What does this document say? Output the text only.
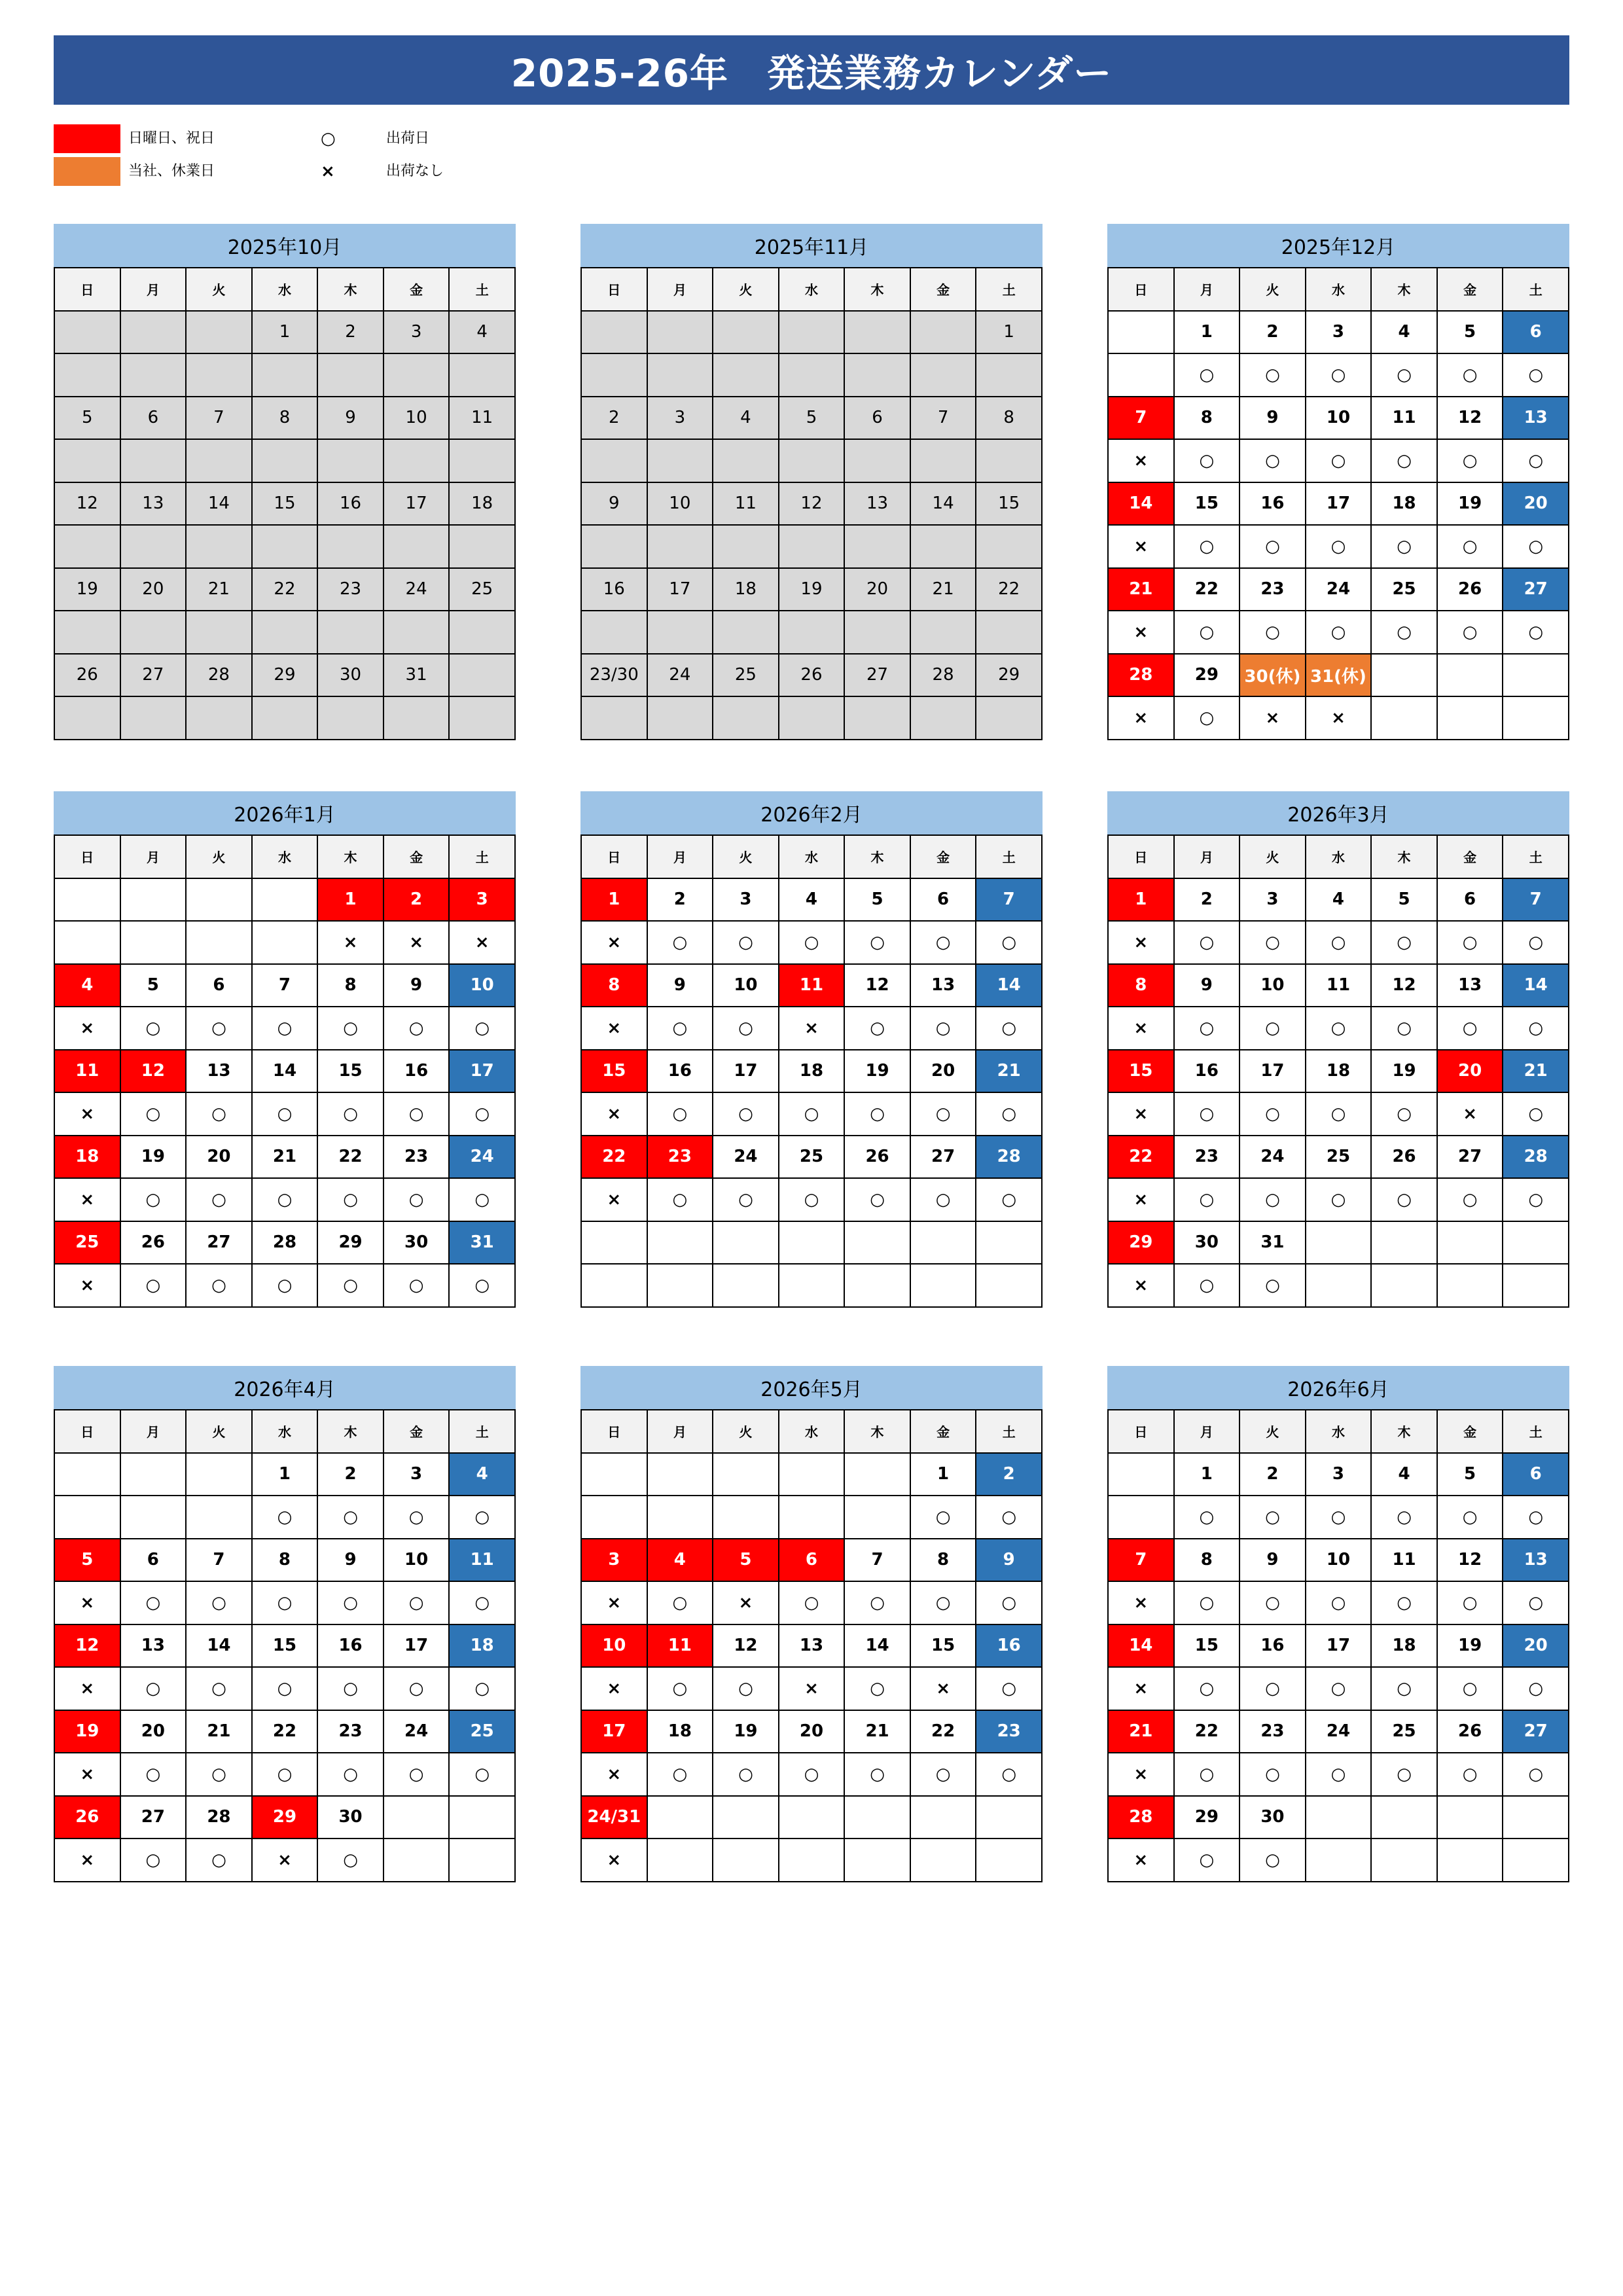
2025-26年　発送業務カレンダー
日曜日、祝日
当社、休業日
○	出荷日
×	出荷なし
2025年10月
日	月	火	水	木	金	土
			1	2	3	4

5	6	7	8	9	10	11

12	13	14	15	16	17	18

19	20	21	22	23	24	25

26	27	28	29	30	31	

2025年11月
日	月	火	水	木	金	土
						1

2	3	4	5	6	7	8

9	10	11	12	13	14	15

16	17	18	19	20	21	22

23/30	24	25	26	27	28	29

2025年12月
日	月	火	水	木	金	土
	1	2	3	4	5	6
	○	○	○	○	○	○
7	8	9	10	11	12	13
×	○	○	○	○	○	○
14	15	16	17	18	19	20
×	○	○	○	○	○	○
21	22	23	24	25	26	27
×	○	○	○	○	○	○
28	29	30(休)	31(休)			
×	○	×	×			
2026年1月
日	月	火	水	木	金	土
				1	2	3
				×	×	×
4	5	6	7	8	9	10
×	○	○	○	○	○	○
11	12	13	14	15	16	17
×	○	○	○	○	○	○
18	19	20	21	22	23	24
×	○	○	○	○	○	○
25	26	27	28	29	30	31
×	○	○	○	○	○	○
2026年2月
日	月	火	水	木	金	土
1	2	3	4	5	6	7
×	○	○	○	○	○	○
8	9	10	11	12	13	14
×	○	○	×	○	○	○
15	16	17	18	19	20	21
×	○	○	○	○	○	○
22	23	24	25	26	27	28
×	○	○	○	○	○	○

2026年3月
日	月	火	水	木	金	土
1	2	3	4	5	6	7
×	○	○	○	○	○	○
8	9	10	11	12	13	14
×	○	○	○	○	○	○
15	16	17	18	19	20	21
×	○	○	○	○	×	○
22	23	24	25	26	27	28
×	○	○	○	○	○	○
29	30	31				
×	○	○				
2026年4月
日	月	火	水	木	金	土
			1	2	3	4
			○	○	○	○
5	6	7	8	9	10	11
×	○	○	○	○	○	○
12	13	14	15	16	17	18
×	○	○	○	○	○	○
19	20	21	22	23	24	25
×	○	○	○	○	○	○
26	27	28	29	30		
×	○	○	×	○		
2026年5月
日	月	火	水	木	金	土
					1	2
					○	○
3	4	5	6	7	8	9
×	○	×	○	○	○	○
10	11	12	13	14	15	16
×	○	○	×	○	×	○
17	18	19	20	21	22	23
×	○	○	○	○	○	○
24/31						
×						
2026年6月
日	月	火	水	木	金	土
	1	2	3	4	5	6
	○	○	○	○	○	○
7	8	9	10	11	12	13
×	○	○	○	○	○	○
14	15	16	17	18	19	20
×	○	○	○	○	○	○
21	22	23	24	25	26	27
×	○	○	○	○	○	○
28	29	30				
×	○	○				
